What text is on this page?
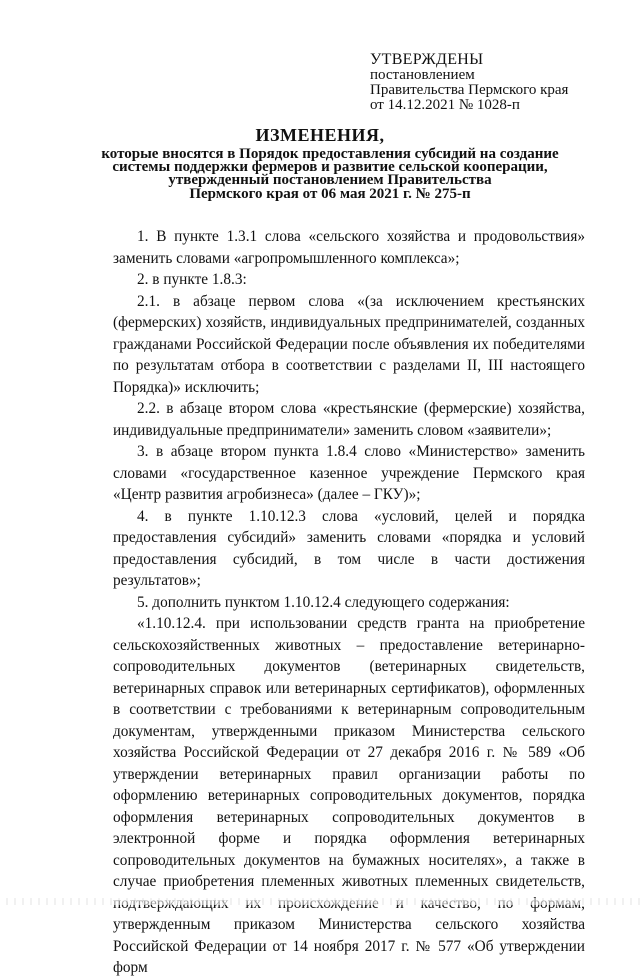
УТВЕРЖДЕНЫ
постановлением
Правительства Пермского края
от 14.12.2021 № 1028-п
ИЗМЕНЕНИЯ,
которые вносятся в Порядок предоставления субсидий на создание
системы поддержки фермеров и развитие сельской кооперации,
утвержденный постановлением Правительства
Пермского края от 06 мая 2021 г. № 275-п

1. В пункте 1.3.1 слова «сельского хозяйства и продовольствия» заменить словами «агропромышленного комплекса»;

2. в пункте 1.8.3:

2.1. в абзаце первом слова «(за исключением крестьянских (фермерских) хозяйств, индивидуальных предпринимателей, созданных гражданами Российской Федерации после объявления их победителями по результатам отбора в соответствии с разделами II, III настоящего Порядка)» исключить;

2.2. в абзаце втором слова «крестьянские (фермерские) хозяйства, индивидуальные предприниматели» заменить словом «заявители»;

3. в абзаце втором пункта 1.8.4 слово «Министерство» заменить словами «государственное казенное учреждение Пермского края «Центр развития агробизнеса» (далее – ГКУ)»;

4. в пункте 1.10.12.3 слова «условий, целей и порядка предоставления субсидий» заменить словами «порядка и условий предоставления субсидий, в том числе в части достижения результатов»;

5. дополнить пунктом 1.10.12.4 следующего содержания:

«1.10.12.4. при использовании средств гранта на приобретение сельскохозяйственных животных – предоставление ветеринарно-сопроводительных документов (ветеринарных свидетельств, ветеринарных справок или ветеринарных сертификатов), оформленных в соответствии с требованиями к ветеринарным сопроводительным документам, утвержденными приказом Министерства сельского хозяйства Российской Федерации от 27 декабря 2016 г. № 589 «Об утверждении ветеринарных правил организации работы по оформлению ветеринарных сопроводительных документов, порядка оформления ветеринарных сопроводительных документов в электронной форме и порядка оформления ветеринарных сопроводительных документов на бумажных носителях», а также в случае приобретения племенных животных племенных свидетельств, утвержденным приказом Министерства сельского хозяйства Российской Федерации от 14 ноября 2017 г. № 577 «Об утверждении форм
